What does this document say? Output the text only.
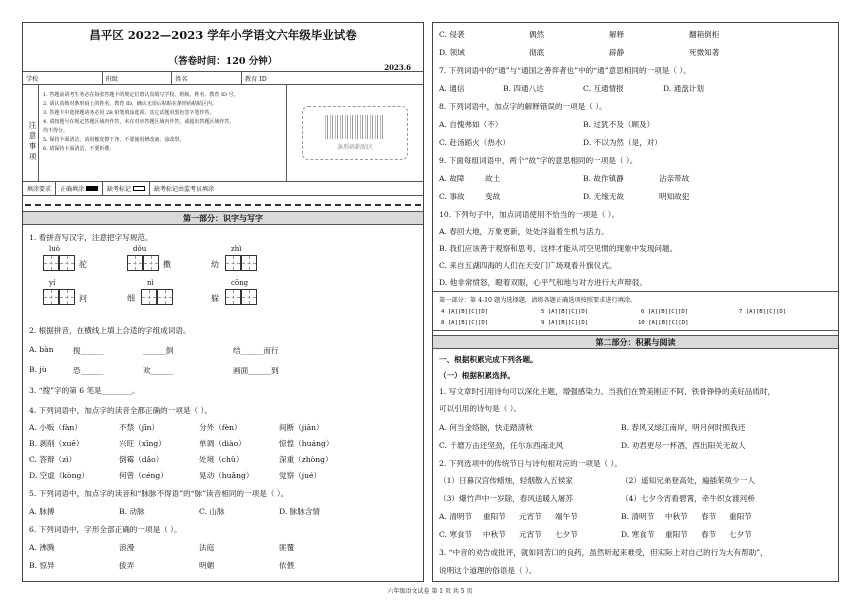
昌平区 2022—2023 学年小学语文六年级毕业试卷
（答卷时间：120 分钟）
2023.6
学校	班级	姓名	教育 ID
注意事项
1. 答题前请考生务必在每张答题卡的规定位置认真填写学校、班级、姓名、教育 ID 号。
2. 请认真核对条形码上的姓名、教育 ID，确认无误后粘贴在条形码粘贴区内。
3. 答题卡中选择题请务必用 2B 铅笔填涂选项，其它试题用黑色签字笔作答。
4. 请按题号在规定答题区域内作答，未在对应答题区域内作答，或超出答题区域作答，
均不得分。
5. 保持卡面清洁，请用橡皮擦干净，不要使用修改液、涂改带。
6. 请保持卡面清洁，不要折叠。	条形码粘贴区
填涂要求	正确填涂	缺考标记	缺考标记由监考员填涂
第一部分：识字与写字
1. 看拼音写汉字，注意把字写规范。
luò
驼
dǒu
擞
zhì
幼
yí
问
nì
细
cōng
躲
2. 根据拼音，在横线上填上合适的字组成词语。
A. bàn	搅______	______倒	结______而行
B. jù	恐______	欢______	画面______到
3. “搜”字的第 6 笔是________。
4. 下列词语中，加点字的读音全都正确的一项是（ ）。
A. 小贩（fàn）	不禁（jīn）	分外（fèn）	间断（jiān）
B. 剥削（xuē）	兴旺（xīng）	单调（diào）	惊惶（huáng）
C. 答辩（zì）	倒霉（dǎo）	处境（chǔ）	深重（zhòng）
D. 空虚（kòng）	何曾（céng）	晃动（huǎng）	觉察（jué）
5. 下列词语中，加点字的读音和“脉脉不得语”的“脉”读音相同的一项是（ ）。
A. 脉搏	B. 动脉	C. 山脉	D. 脉脉含情
6. 下列词语中，字形全部正确的一项是（ ）。
A. 沸腾	浪漫	法庭	匪覆
B. 惊异	拔弄	明媚	依偎
C. 侵袭	偶然	解释	翻箱倒柜
D. 领域	彻底	辟静	死微知著
7. 下列词语中的“通”与“通国之善弈者也”中的“通”意思相同的一项是（ ）。
A. 通信	B. 四通八达	C. 互通情报	D. 通盘计划
8. 下列词语中，加点字的解释错误的一项是（ ）。
A. 自愧弗如（不）	B. 过犹不及（顾及）
C. 赴汤蹈火（热水）	D. 不以为然（是，对）
9. 下面每组词语中，两个“故”字的意思相同的一项是（ ）。
A. 故障	故土	B. 故作镇静	沾亲带故
C. 事故	变故	D. 无缘无故	明知故犯
10. 下列句子中，加点词语使用不恰当的一项是（ ）。
A. 春回大地，万象更新，处处洋溢着生机与活力。
B. 我们应该善于观察和思考，这样才能从司空见惯的现象中发现问题。
C. 来自五湖四海的人们在天安门广场观看升旗仪式。
D. 他非常愤怒，瞪着双眼，心平气和地与对方进行大声辩驳。
第一部分：第 4-10 题为选择题，请将各题正确选项按照要求进行填涂。
4 [A][B][C][D]	5 [A][B][C][D]	6 [A][B][C][D]	7 [A][B][C][D]
8 [A][B][C][D]	9 [A][B][C][D]	10 [A][B][C][D]
第二部分：积累与阅读
一、根据积累完成下列各题。
（一）根据积累选择。
1. 写文章时引用诗句可以深化主题，增强感染力。当我们在赞美刚正不阿、铁骨铮铮的美好品质时，
可以引用的诗句是（ ）。
A. 何当金络脑，快走踏清秋	B. 春风又绿江南岸，明月何时照我还
C. 千磨万击还坚劲，任尔东西南北风	D. 劝君更尽一杯酒，西出阳关无故人
2. 下列选项中的传统节日与诗句相对应的一项是（ ）。
（1）日暮汉宫传蜡烛，轻烟散入五侯家	（2）遥知兄弟登高处，遍插茱萸少一人
（3）爆竹声中一岁除，春风送暖入屠苏	（4）七夕今宵看碧霄，牵牛织女渡河桥
A. 清明节 重阳节 元宵节 端午节	B. 清明节 中秋节 春节 重阳节
C. 寒食节 中秋节 元宵节 七夕节	D. 寒食节 重阳节 春节 七夕节
3. “中音的劝告或批评，就如同苦口的良药，虽然听起来难受，但实际上对自己的行为大有帮助”，
说明这个道理的俗语是（ ）。
六年级语文试卷 第 1 页 共 5 页
